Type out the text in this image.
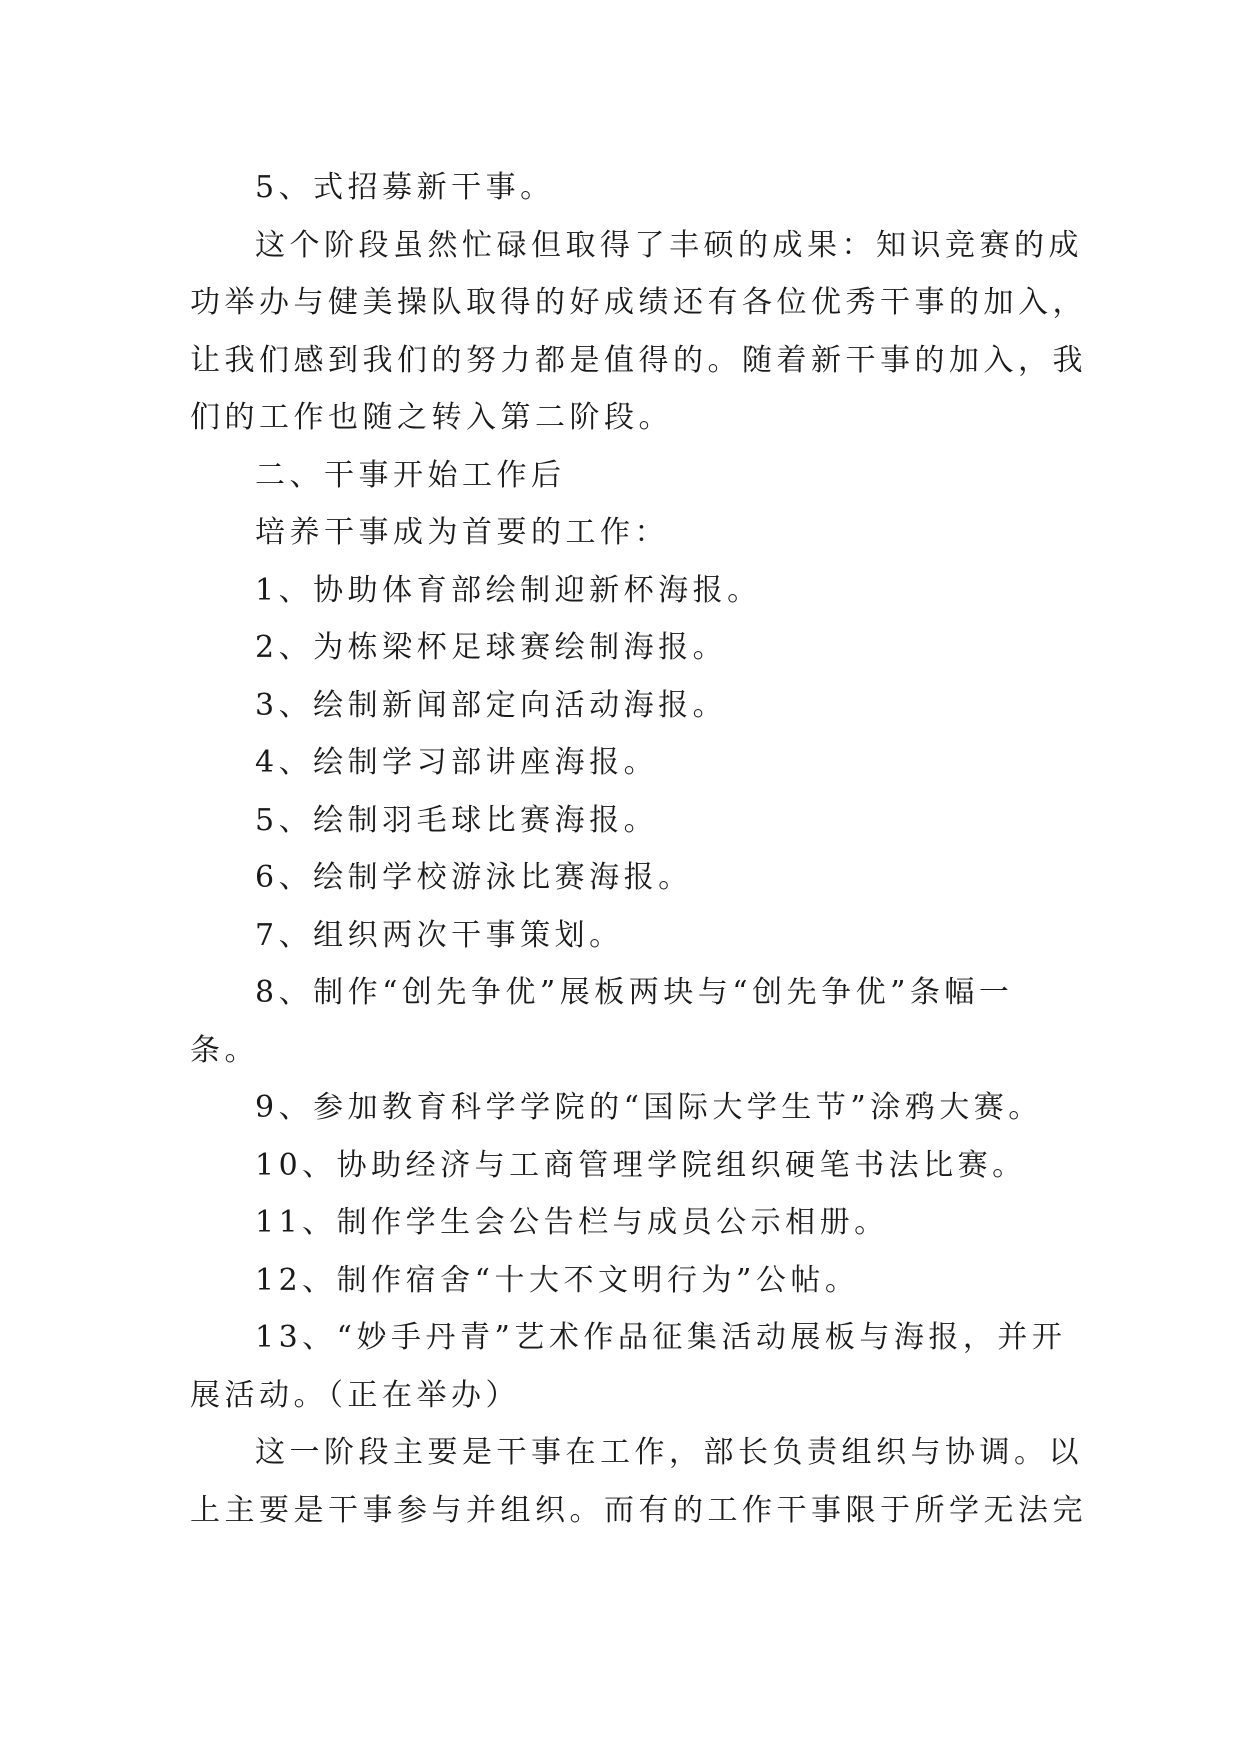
5、式招募新干事。

这个阶段虽然忙碌但取得了丰硕的成果：知识竞赛的成
功举办与健美操队取得的好成绩还有各位优秀干事的加入，
让我们感到我们的努力都是值得的。随着新干事的加入，我
们的工作也随之转入第二阶段。

二、干事开始工作后

培养干事成为首要的工作：

1、协助体育部绘制迎新杯海报。

2、为栋梁杯足球赛绘制海报。

3、绘制新闻部定向活动海报。

4、绘制学习部讲座海报。

5、绘制羽毛球比赛海报。

6、绘制学校游泳比赛海报。

7、组织两次干事策划。

8、制作“创先争优”展板两块与“创先争优”条幅一
条。

9、参加教育科学学院的“国际大学生节”涂鸦大赛。

10、协助经济与工商管理学院组织硬笔书法比赛。

11、制作学生会公告栏与成员公示相册。

12、制作宿舍“十大不文明行为”公帖。

13、“妙手丹青”艺术作品征集活动展板与海报，并开
展活动。（正在举办）

这一阶段主要是干事在工作，部长负责组织与协调。以
上主要是干事参与并组织。而有的工作干事限于所学无法完
